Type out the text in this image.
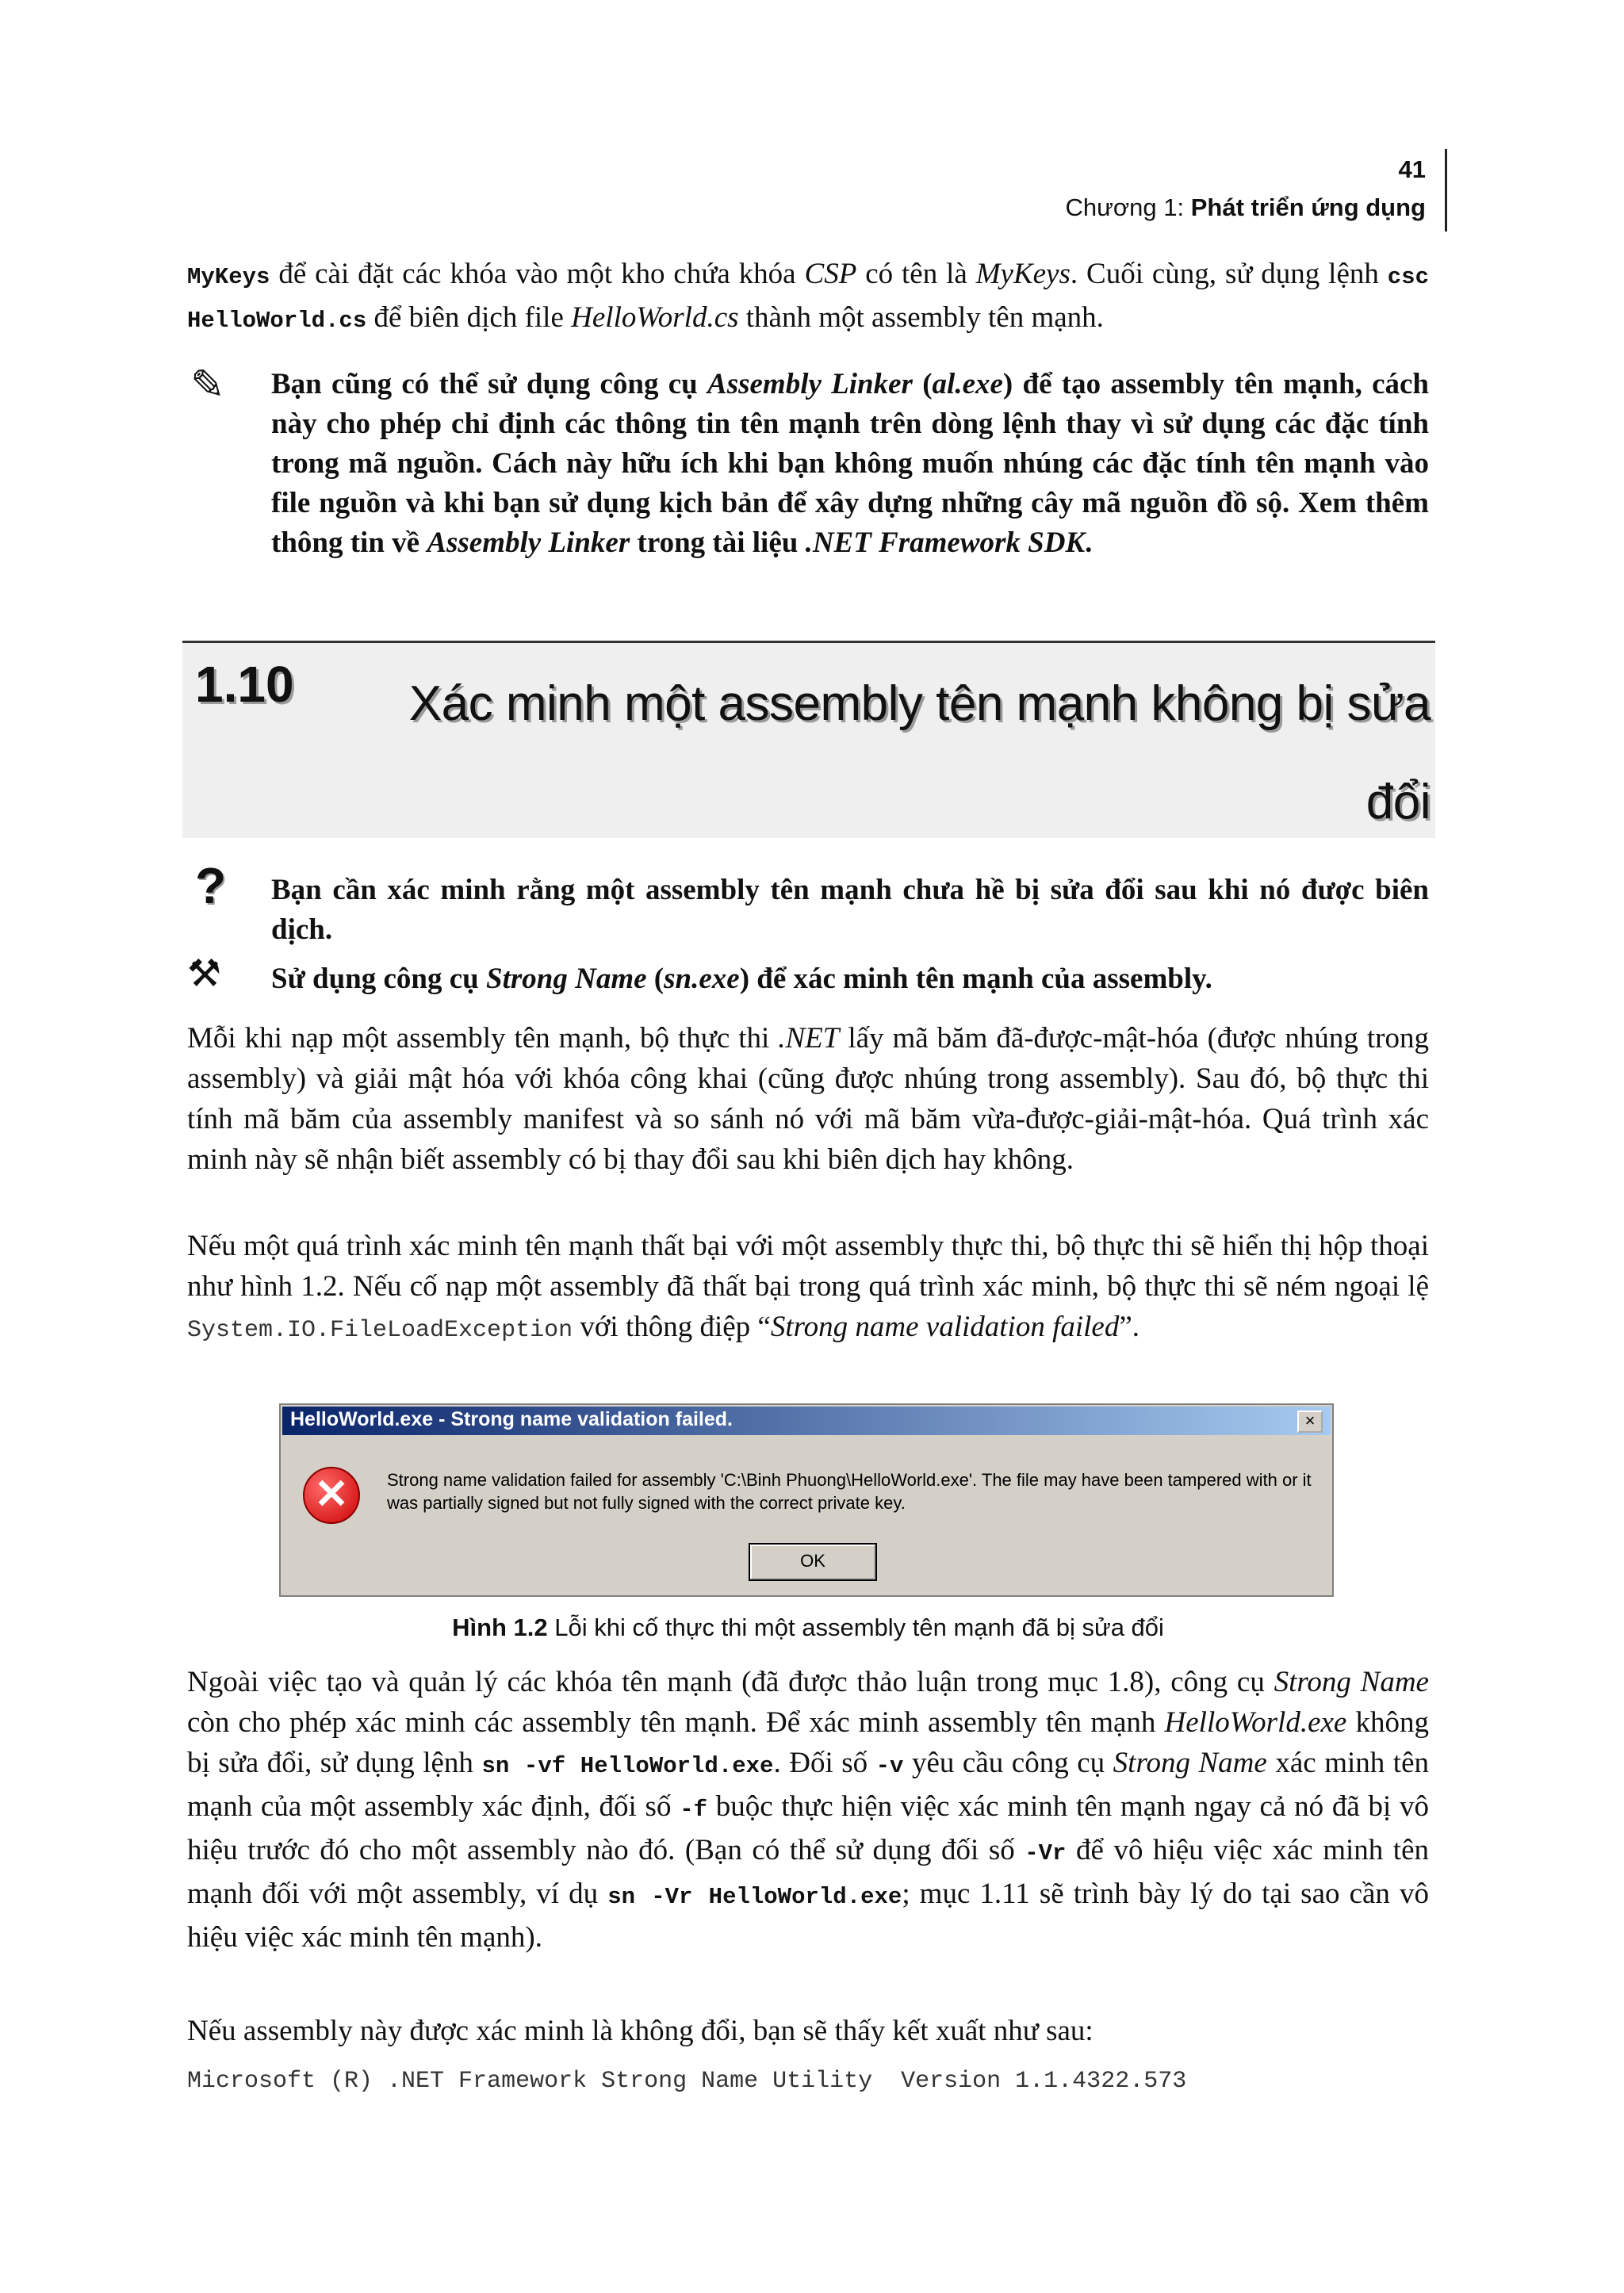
41
Chương 1: Phát triển ứng dụng
MyKeys để cài đặt các khóa vào một kho chứa khóa CSP có tên là MyKeys. Cuối cùng, sử dụng lệnh csc HelloWorld.cs để biên dịch file HelloWorld.cs thành một assembly tên mạnh.
✎ Bạn cũng có thể sử dụng công cụ Assembly Linker (al.exe) để tạo assembly tên mạnh, cách này cho phép chỉ định các thông tin tên mạnh trên dòng lệnh thay vì sử dụng các đặc tính trong mã nguồn. Cách này hữu ích khi bạn không muốn nhúng các đặc tính tên mạnh vào file nguồn và khi bạn sử dụng kịch bản để xây dựng những cây mã nguồn đồ sộ. Xem thêm thông tin về Assembly Linker trong tài liệu .NET Framework SDK.
1.10	Xác minh một assembly tên mạnh không bị sửa đổi
? Bạn cần xác minh rằng một assembly tên mạnh chưa hề bị sửa đổi sau khi nó được biên dịch.
⚒ Sử dụng công cụ Strong Name (sn.exe) để xác minh tên mạnh của assembly.
Mỗi khi nạp một assembly tên mạnh, bộ thực thi .NET lấy mã băm đã-được-mật-hóa (được nhúng trong assembly) và giải mật hóa với khóa công khai (cũng được nhúng trong assembly). Sau đó, bộ thực thi tính mã băm của assembly manifest và so sánh nó với mã băm vừa-được-giải-mật-hóa. Quá trình xác minh này sẽ nhận biết assembly có bị thay đổi sau khi biên dịch hay không.
Nếu một quá trình xác minh tên mạnh thất bại với một assembly thực thi, bộ thực thi sẽ hiển thị hộp thoại như hình 1.2. Nếu cố nạp một assembly đã thất bại trong quá trình xác minh, bộ thực thi sẽ ném ngoại lệ System.IO.FileLoadException với thông điệp “Strong name validation failed”.
HelloWorld.exe - Strong name validation failed.	×
✕	Strong name validation failed for assembly 'C:\Binh Phuong\HelloWorld.exe'. The file may have been tampered with or it was partially signed but not fully signed with the correct private key.
OK
Hình 1.2 Lỗi khi cố thực thi một assembly tên mạnh đã bị sửa đổi
Ngoài việc tạo và quản lý các khóa tên mạnh (đã được thảo luận trong mục 1.8), công cụ Strong Name còn cho phép xác minh các assembly tên mạnh. Để xác minh assembly tên mạnh HelloWorld.exe không bị sửa đổi, sử dụng lệnh sn -vf HelloWorld.exe. Đối số -v yêu cầu công cụ Strong Name xác minh tên mạnh của một assembly xác định, đối số -f buộc thực hiện việc xác minh tên mạnh ngay cả nó đã bị vô hiệu trước đó cho một assembly nào đó. (Bạn có thể sử dụng đối số -Vr để vô hiệu việc xác minh tên mạnh đối với một assembly, ví dụ sn -Vr HelloWorld.exe; mục 1.11 sẽ trình bày lý do tại sao cần vô hiệu việc xác minh tên mạnh).
Nếu assembly này được xác minh là không đổi, bạn sẽ thấy kết xuất như sau:
Microsoft (R) .NET Framework Strong Name Utility  Version 1.1.4322.573
